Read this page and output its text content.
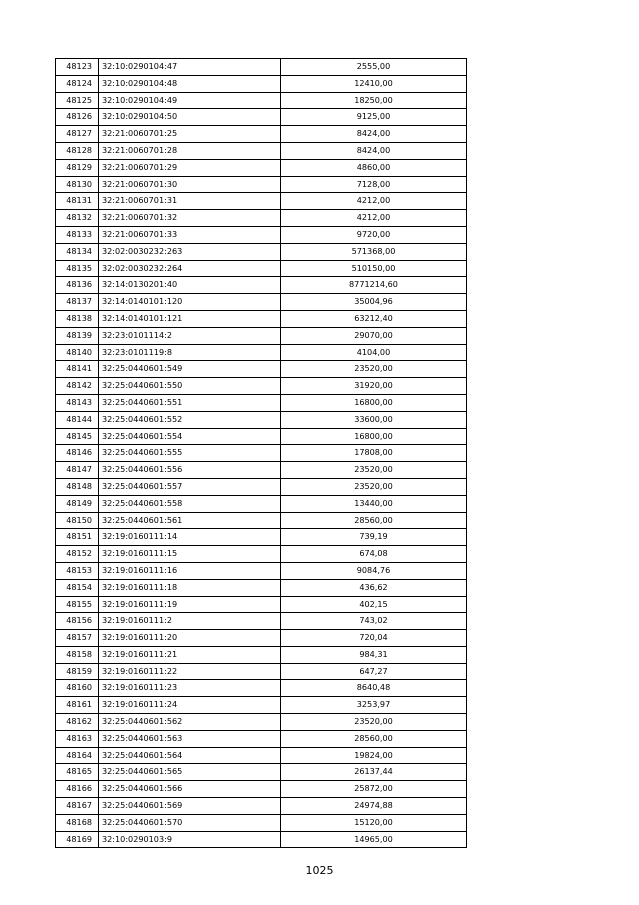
48123	32:10:0290104:47	2555,00
48124	32:10:0290104:48	12410,00
48125	32:10:0290104:49	18250,00
48126	32:10:0290104:50	9125,00
48127	32:21:0060701:25	8424,00
48128	32:21:0060701:28	8424,00
48129	32:21:0060701:29	4860,00
48130	32:21:0060701:30	7128,00
48131	32:21:0060701:31	4212,00
48132	32:21:0060701:32	4212,00
48133	32:21:0060701:33	9720,00
48134	32:02:0030232:263	571368,00
48135	32:02:0030232:264	510150,00
48136	32:14:0130201:40	8771214,60
48137	32:14:0140101:120	35004,96
48138	32:14:0140101:121	63212,40
48139	32:23:0101114:2	29070,00
48140	32:23:0101119:8	4104,00
48141	32:25:0440601:549	23520,00
48142	32:25:0440601:550	31920,00
48143	32:25:0440601:551	16800,00
48144	32:25:0440601:552	33600,00
48145	32:25:0440601:554	16800,00
48146	32:25:0440601:555	17808,00
48147	32:25:0440601:556	23520,00
48148	32:25:0440601:557	23520,00
48149	32:25:0440601:558	13440,00
48150	32:25:0440601:561	28560,00
48151	32:19:0160111:14	739,19
48152	32:19:0160111:15	674,08
48153	32:19:0160111:16	9084,76
48154	32:19:0160111:18	436,62
48155	32:19:0160111:19	402,15
48156	32:19:0160111:2	743,02
48157	32:19:0160111:20	720,04
48158	32:19:0160111:21	984,31
48159	32:19:0160111:22	647,27
48160	32:19:0160111:23	8640,48
48161	32:19:0160111:24	3253,97
48162	32:25:0440601:562	23520,00
48163	32:25:0440601:563	28560,00
48164	32:25:0440601:564	19824,00
48165	32:25:0440601:565	26137,44
48166	32:25:0440601:566	25872,00
48167	32:25:0440601:569	24974,88
48168	32:25:0440601:570	15120,00
48169	32:10:0290103:9	14965,00
1025
